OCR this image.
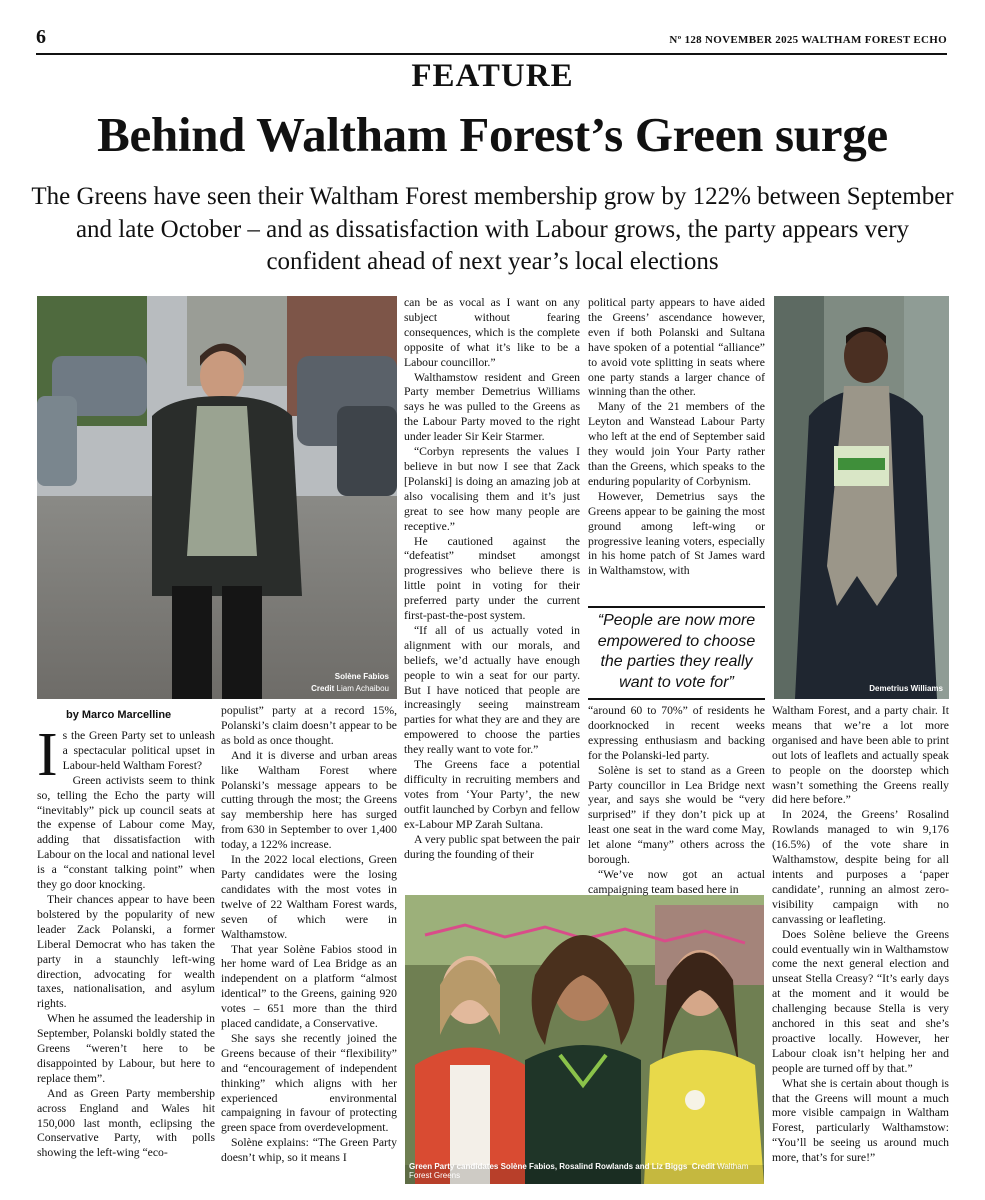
6	Nº 128 NOVEMBER 2025 WALTHAM FOREST ECHO
FEATURE
Behind Waltham Forest’s Green surge
The Greens have seen their Waltham Forest membership grow by 122% between September and late October – and as dissatisfaction with Labour grows, the party appears very confident ahead of next year’s local elections
Solène Fabios
Credit Liam Achaibou	Demetrius Williams
Green Party candidates Solène Fabios, Rosalind Rowlands and Liz Biggs Credit Waltham Forest Greens
by Marco Marcelline

Is the Green Party set to unleash a spectacular political upset in Labour-held Waltham Forest?

Green activists seem to think so, telling the Echo the party will “inevitably” pick up council seats at the expense of Labour come May, adding that dissatisfaction with Labour on the local and national level is a “constant talking point” when they go door knocking.

Their chances appear to have been bolstered by the popularity of new leader Zack Polanski, a former Liberal Democrat who has taken the party in a staunchly left-wing direction, advocating for wealth taxes, nationalisation, and asylum rights.

When he assumed the leadership in September, Polanski boldly stated the Greens “weren’t here to be disappointed by Labour, but here to replace them”.

And as Green Party membership across England and Wales hit 150,000 last month, eclipsing the Conservative Party, with polls showing the left-wing “eco-

populist” party at a record 15%, Polanski’s claim doesn’t appear to be as bold as once thought.

And it is diverse and urban areas like Waltham Forest where Polanski’s message appears to be cutting through the most; the Greens say membership here has surged from 630 in September to over 1,400 today, a 122% increase.

In the 2022 local elections, Green Party candidates were the losing candidates with the most votes in twelve of 22 Waltham Forest wards, seven of which were in Walthamstow.

That year Solène Fabios stood in her home ward of Lea Bridge as an independent on a platform “almost identical” to the Greens, gaining 920 votes – 651 more than the third placed candidate, a Conservative.

She says she recently joined the Greens because of their “flexibility” and “encouragement of independent thinking” which aligns with her experienced environmental campaigning in favour of protecting green space from overdevelopment.

Solène explains: “The Green Party doesn’t whip, so it means I

can be as vocal as I want on any subject without fearing consequences, which is the complete opposite of what it’s like to be a Labour councillor.”

Walthamstow resident and Green Party member Demetrius Williams says he was pulled to the Greens as the Labour Party moved to the right under leader Sir Keir Starmer.

“Corbyn represents the values I believe in but now I see that Zack [Polanski] is doing an amazing job at also vocalising them and it’s just great to see how many people are receptive.”

He cautioned against the “defeatist” mindset amongst progressives who believe there is little point in voting for their preferred party under the current first-past-the-post system.

“If all of us actually voted in alignment with our morals, and beliefs, we’d actually have enough people to win a seat for our party. But I have noticed that people are increasingly seeing mainstream parties for what they are and they are empowered to choose the parties they really want to vote for.”

The Greens face a potential difficulty in recruiting members and votes from ‘Your Party’, the new outfit launched by Corbyn and fellow ex-Labour MP Zarah Sultana.

A very public spat between the pair during the founding of their

political party appears to have aided the Greens’ ascendance however, even if both Polanski and Sultana have spoken of a potential “alliance” to avoid vote splitting in seats where one party stands a larger chance of winning than the other.

Many of the 21 members of the Leyton and Wanstead Labour Party who left at the end of September said they would join Your Party rather than the Greens, which speaks to the enduring popularity of Corbynism.

However, Demetrius says the Greens appear to be gaining the most ground among left-wing or progressive leaning voters, especially in his home patch of St James ward in Walthamstow, with

“People are now more empowered to choose the parties they really want to vote for”

“around 60 to 70%” of residents he doorknocked in recent weeks expressing enthusiasm and backing for the Polanski-led party.

Solène is set to stand as a Green Party councillor in Lea Bridge next year, and says she would be “very surprised” if they don’t pick up at least one seat in the ward come May, let alone “many” others across the borough.

“We’ve now got an actual campaigning team based here in

Waltham Forest, and a party chair. It means that we’re a lot more organised and have been able to print out lots of leaflets and actually speak to people on the doorstep which wasn’t something the Greens really did here before.”

In 2024, the Greens’ Rosalind Rowlands managed to win 9,176 (16.5%) of the vote share in Walthamstow, despite being for all intents and purposes a ‘paper candidate’, running an almost zero-visibility campaign with no canvassing or leafleting.

Does Solène believe the Greens could eventually win in Walthamstow come the next general election and unseat Stella Creasy? “It’s early days at the moment and it would be challenging because Stella is very anchored in this seat and she’s proactive locally. However, her Labour cloak isn’t helping her and people are turned off by that.”

What she is certain about though is that the Greens will mount a much more visible campaign in Waltham Forest, particularly Walthamstow: “You’ll be seeing us around much more, that’s for sure!”
